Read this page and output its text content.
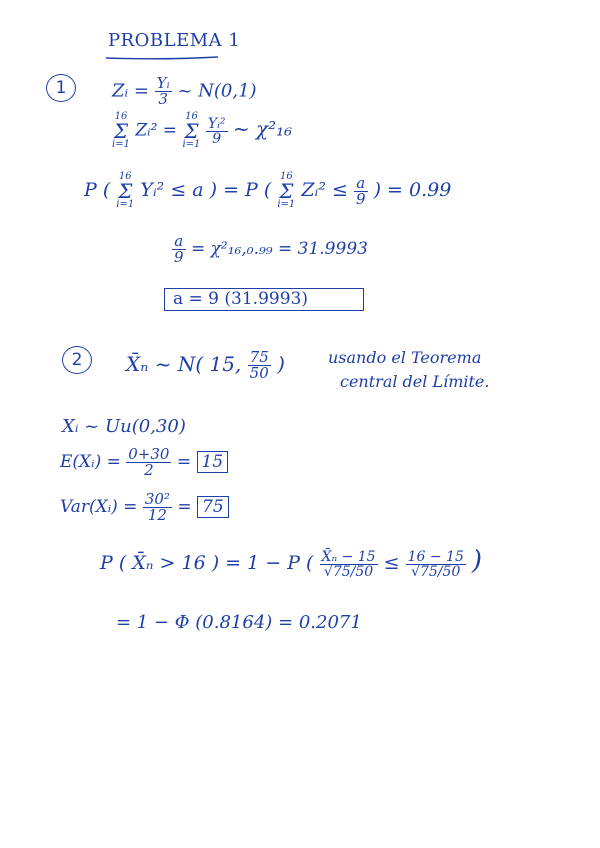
PROBLEMA 1
1	Zᵢ = $\frac{\text{Yᵢ}}{3}$ ~ N(0,1)
16
Σ
i=1
Zᵢ² =
16
Σ
i=1
$\frac{\text{Yᵢ²}}{9}$ ~ χ²₁₆
P (
16
Σ
i=1
Yᵢ² ≤ a ) = P (
16
Σ
i=1
Zᵢ² ≤ $\frac{a}{9}$ ) = 0.99
$\frac{a}{9} = \chi^2_{16},_0._{99} = 31.9993$
a = 9 (31.9993)
2 X̄ₙ ~ N( 15, $\frac{75}{50}$ )	usando el Teorema
central del Límite.
Xᵢ ~ Uu(0,30)
E(Xᵢ) = $\frac{0+30}{2} = 15$
Var(Xᵢ) = $\frac{\text{30²}}{12} = 75$
P ( X̄ₙ > 16 ) = 1 − P ( $\frac{\text{X̄ₙ − 15}}{√75/50} \le \frac{16 - 15}{√75/50}$ )
= 1 − Φ (0.8164) = 0.2071
